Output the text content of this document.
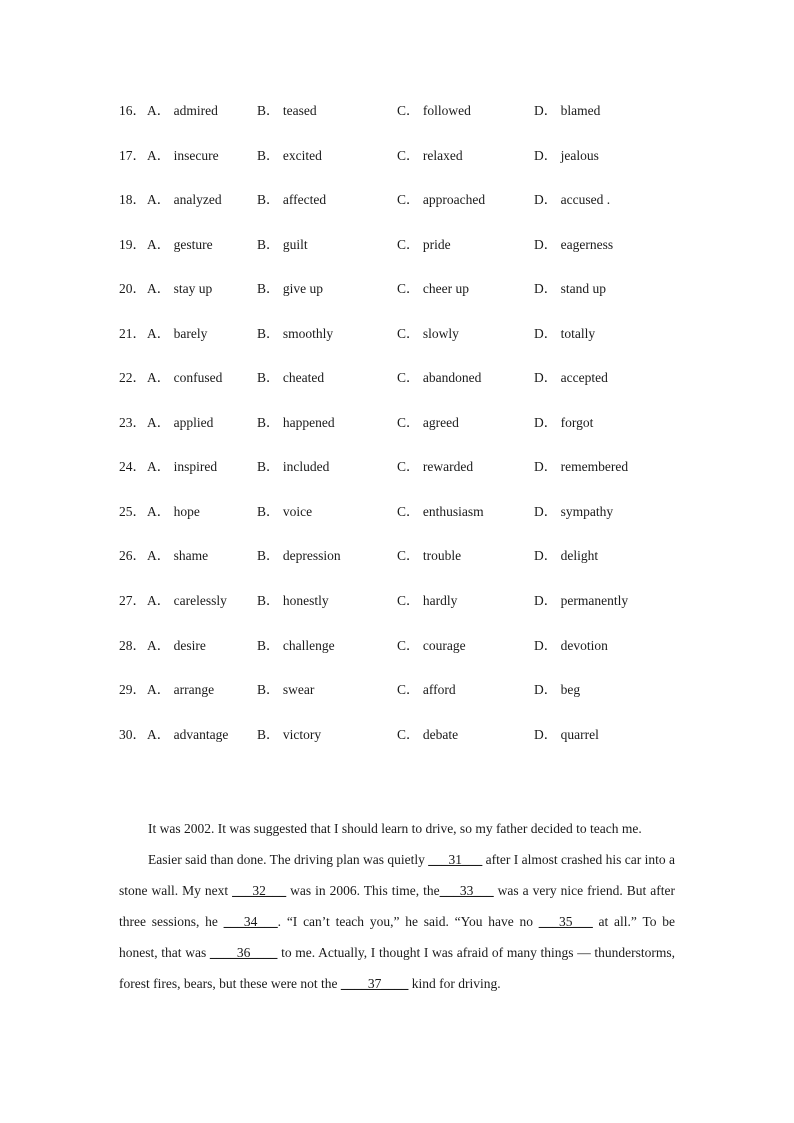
16． A． admired	B． teased	C． followed	D． blamed
17． A． insecure	B． excited	C． relaxed	D． jealous
18． A． analyzed	B． affected	C． approached	D． accused .
19． A． gesture	B． guilt	C． pride	D． eagerness
20． A． stay up	B． give up	C． cheer up	D． stand up
21． A． barely	B． smoothly	C． slowly	D． totally
22． A． confused	B． cheated	C． abandoned	D． accepted
23． A． applied	B． happened	C． agreed	D． forgot
24． A． inspired	B． included	C． rewarded	D． remembered
25． A． hope	B． voice	C． enthusiasm	D． sympathy
26． A． shame	B． depression	C． trouble	D． delight
27． A． carelessly B． honestly	C． hardly	D． permanently
28． A． desire	B． challenge	C． courage	D． devotion
29． A． arrange	B． swear	C． afford	D． beg
30． A． advantage B． victory	C． debate	D． quarrel

It was 2002. It was suggested that I should learn to drive, so my father decided to teach me.

Easier said than done. The driving plan was quietly ___31___ after I almost crashed his car into a stone wall. My next ___32___ was in 2006. This time, the___33___ was a very nice friend. But after three sessions, he ___34___. “I can’t teach you,” he said. “You have no ___35___ at all.” To be honest, that was ____36____ to me. Actually, I thought I was afraid of many things — thunderstorms, forest fires, bears, but these were not the ____37____ kind for driving.
